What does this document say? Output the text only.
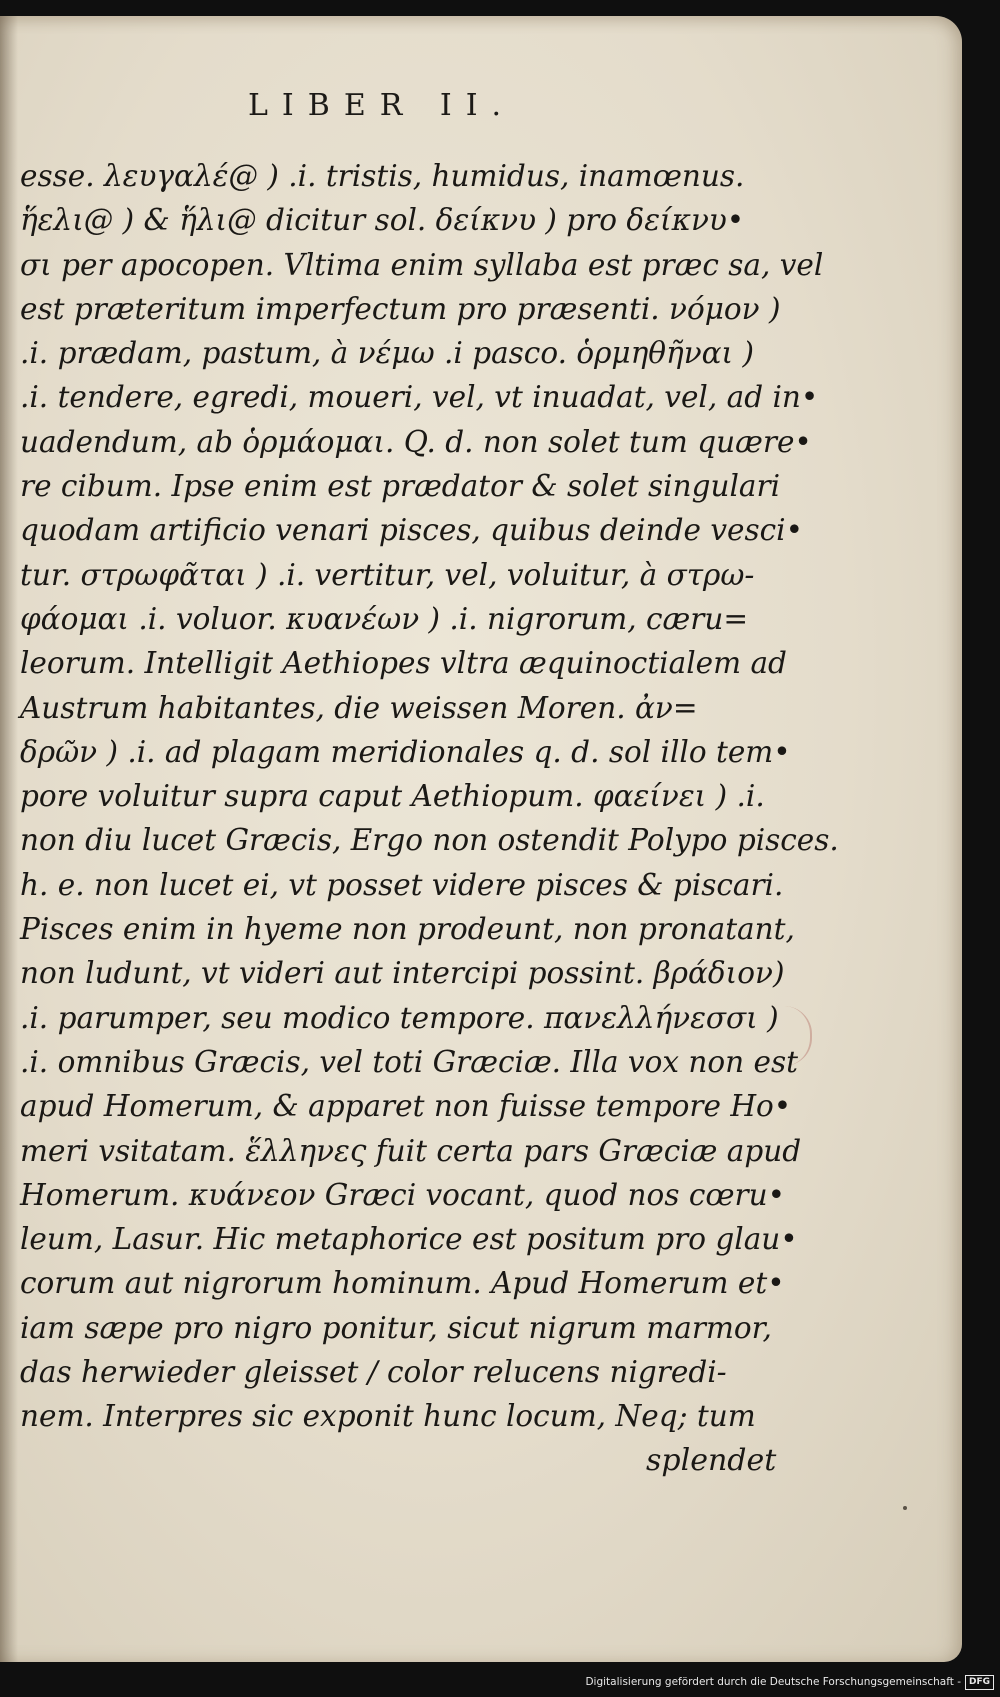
LIBER II.
esse. λευγαλέ@ ) .i. tristis, humidus, inamœnus.
ἥελι@ ) & ἥλι@ dicitur sol. δείκνυ ) pro δείκνυ•
σι per apocopen. Vltima enim syllaba est præc sa, vel
est præteritum imperfectum pro præsenti. νόμον )
.i. prædam, pastum, à νέμω .i pasco. ὁρμηθῆναι )
.i. tendere, egredi, moueri, vel, vt inuadat, vel, ad in•
uadendum, ab ὁρμάομαι. Q. d. non solet tum quære•
re cibum. Ipse enim est prædator & solet singulari
quodam artificio venari pisces, quibus deinde vesci•
tur. στρωφᾶται ) .i. vertitur, vel, voluitur, à στρω-
φάομαι .i. voluor. κυανέων ) .i. nigrorum, cæru=
leorum. Intelligit Aethiopes vltra æquinoctialem ad
Austrum habitantes, die weissen Moren. ἀν=
δρῶν ) .i. ad plagam meridionales q. d. sol illo tem•
pore voluitur supra caput Aethiopum. φαείνει ) .i.
non diu lucet Græcis, Ergo non ostendit Polypo pisces.
h. e. non lucet ei, vt posset videre pisces & piscari.
Pisces enim in hyeme non prodeunt, non pronatant,
non ludunt, vt videri aut intercipi possint. βράδιον)
.i. parumper, seu modico tempore. πανελλήνεσσι )
.i. omnibus Græcis, vel toti Græciæ. Illa vox non est
apud Homerum, & apparet non fuisse tempore Ho•
meri vsitatam. ἕλληνες fuit certa pars Græciæ apud
Homerum. κυάνεον Græci vocant, quod nos cœru•
leum, Lasur. Hic metaphorice est positum pro glau•
corum aut nigrorum hominum. Apud Homerum et•
iam sæpe pro nigro ponitur, sicut nigrum marmor,
das herwieder gleisset / color relucens nigredi-
nem. Interpres sic exponit hunc locum, Neq; tum
splendet
Digitalisierung gefördert durch die Deutsche Forschungsgemeinschaft - DFG
